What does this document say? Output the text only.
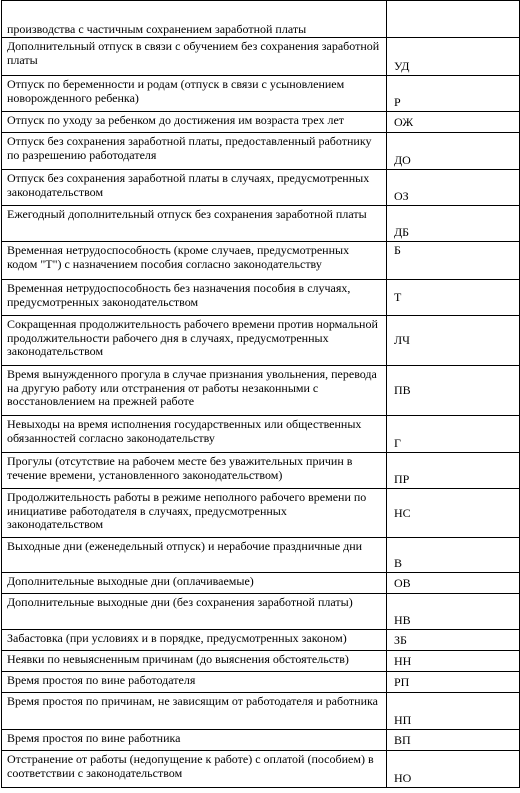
производства с частичным сохранением заработной платы	
Дополнительный отпуск в связи с обучением без сохранения заработной платы	УД
Отпуск по беременности и родам (отпуск в связи с усыновлением новорожденного ребенка)	Р
Отпуск по уходу за ребенком до достижения им возраста трех лет	ОЖ
Отпуск без сохранения заработной платы, предоставленный работнику по разрешению работодателя	ДО
Отпуск без сохранения заработной платы в случаях, предусмотренных законодательством	ОЗ
Ежегодный дополнительный отпуск без сохранения заработной платы	ДБ
Временная нетрудоспособность (кроме случаев, предусмотренных кодом "Т") с назначением пособия согласно законодательству	Б
Временная нетрудоспособность без назначения пособия в случаях, предусмотренных законодательством	Т
Сокращенная продолжительность рабочего времени против нормальной продолжительности рабочего дня в случаях, предусмотренных законодательством	ЛЧ
Время вынужденного прогула в случае признания увольнения, перевода на другую работу или отстранения от работы незаконными с восстановлением на прежней работе	ПВ
Невыходы на время исполнения государственных или общественных обязанностей согласно законодательству	Г
Прогулы (отсутствие на рабочем месте без уважительных причин в течение времени, установленного законодательством)	ПР
Продолжительность работы в режиме неполного рабочего времени по инициативе работодателя в случаях, предусмотренных законодательством	НС
Выходные дни (еженедельный отпуск) и нерабочие праздничные дни	В
Дополнительные выходные дни (оплачиваемые)	ОВ
Дополнительные выходные дни (без сохранения заработной платы)	НВ
Забастовка (при условиях и в порядке, предусмотренных законом)	ЗБ
Неявки по невыясненным причинам (до выяснения обстоятельств)	НН
Время простоя по вине работодателя	РП
Время простоя по причинам, не зависящим от работодателя и работника	НП
Время простоя по вине работника	ВП
Отстранение от работы (недопущение к работе) с оплатой (пособием) в соответствии с законодательством	НО
